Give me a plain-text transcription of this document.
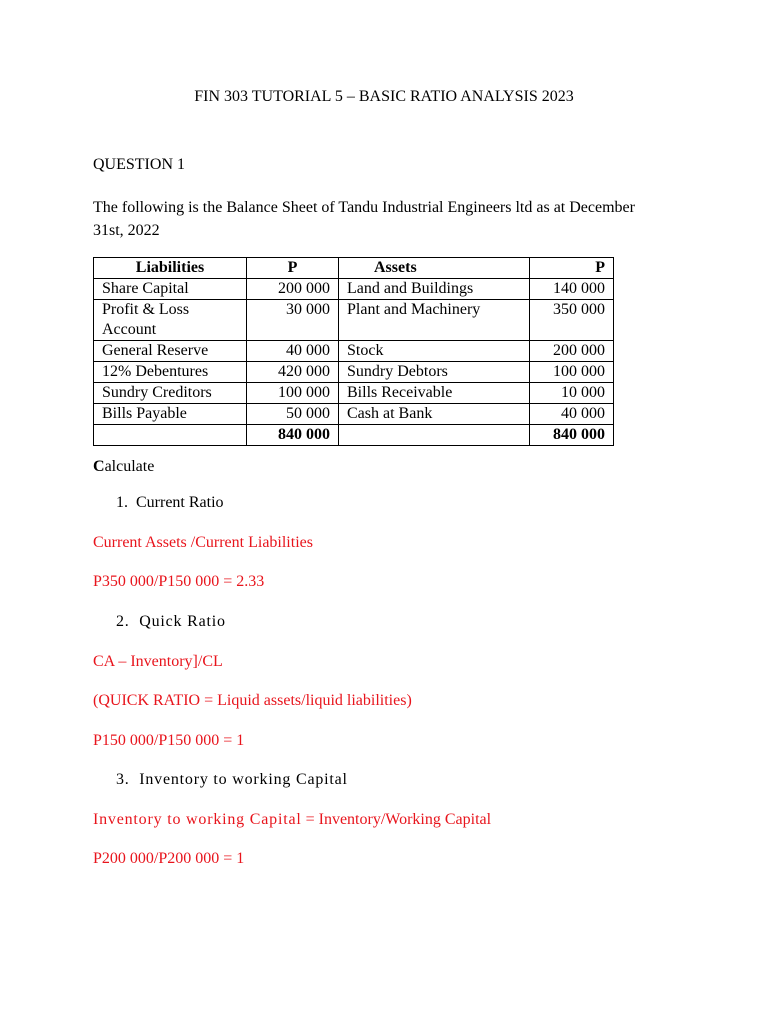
FIN 303 TUTORIAL 5 – BASIC RATIO ANALYSIS 2023
QUESTION 1
The following is the Balance Sheet of Tandu Industrial Engineers ltd as at December 31st, 2022
Liabilities	P	Assets	P
Share Capital	200 000	Land and Buildings	140 000
Profit & Loss Account	30 000	Plant and Machinery	350 000
General Reserve	40 000	Stock	200 000
12% Debentures	420 000	Sundry Debtors	100 000
Sundry Creditors	100 000	Bills Receivable	10 000
Bills Payable	50 000	Cash at Bank	40 000
	840 000		840 000
Calculate
1. Current Ratio
Current Assets /Current Liabilities
P350 000/P150 000 = 2.33
2. Quick Ratio
CA – Inventory]/CL
(QUICK RATIO = Liquid assets/liquid liabilities)
P150 000/P150 000 = 1
3. Inventory to working Capital
Inventory to working Capital = Inventory/Working Capital
P200 000/P200 000 = 1
